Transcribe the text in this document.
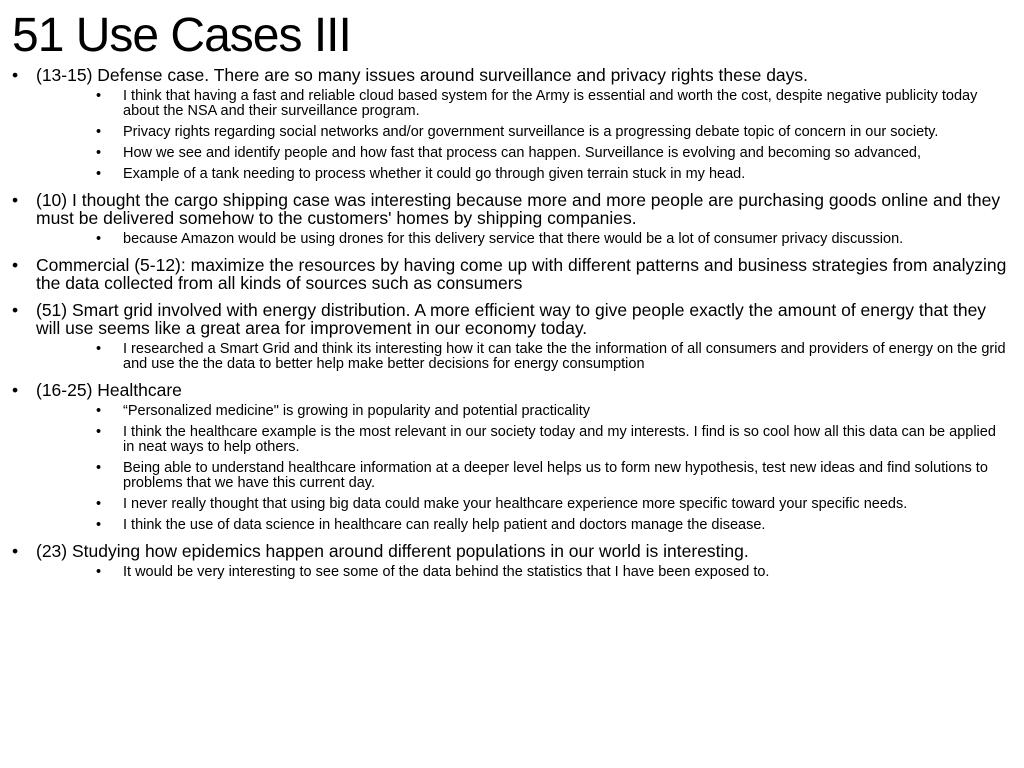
51 Use Cases III
• (13-15) Defense case. There are so many issues around surveillance and privacy rights these days.
• I think that having a fast and reliable cloud based system for the Army is essential and worth the cost, despite negative publicity today about the NSA and their surveillance program.
• Privacy rights regarding social networks and/or government surveillance is a progressing debate topic of concern in our society.
• How we see and identify people and how fast that process can happen. Surveillance is evolving and becoming so advanced,
• Example of a tank needing to process whether it could go through given terrain stuck in my head.
• (10) I thought the cargo shipping case was interesting because more and more people are purchasing goods online and they must be delivered somehow to the customers' homes by shipping companies.
• because Amazon would be using drones for this delivery service that there would be a lot of consumer privacy discussion.
• Commercial (5-12): maximize the resources by having come up with different patterns and business strategies from analyzing the data collected from all kinds of sources such as consumers
• (51) Smart grid involved with energy distribution. A more efficient way to give people exactly the amount of energy that they will use seems like a great area for improvement in our economy today.
• I researched a Smart Grid and think its interesting how it can take the the information of all consumers and providers of energy on the grid and use the the data to better help make better decisions for energy consumption
• (16-25) Healthcare
• “Personalized medicine" is growing in popularity and potential practicality
• I think the healthcare example is the most relevant in our society today and my interests. I find is so cool how all this data can be applied in neat ways to help others.
• Being able to understand healthcare information at a deeper level helps us to form new hypothesis, test new ideas and find solutions to problems that we have this current day.
• I never really thought that using big data could make your healthcare experience more specific toward your specific needs.
• I think the use of data science in healthcare can really help patient and doctors manage the disease.
• (23) Studying how epidemics happen around different populations in our world is interesting.
• It would be very interesting to see some of the data behind the statistics that I have been exposed to.
